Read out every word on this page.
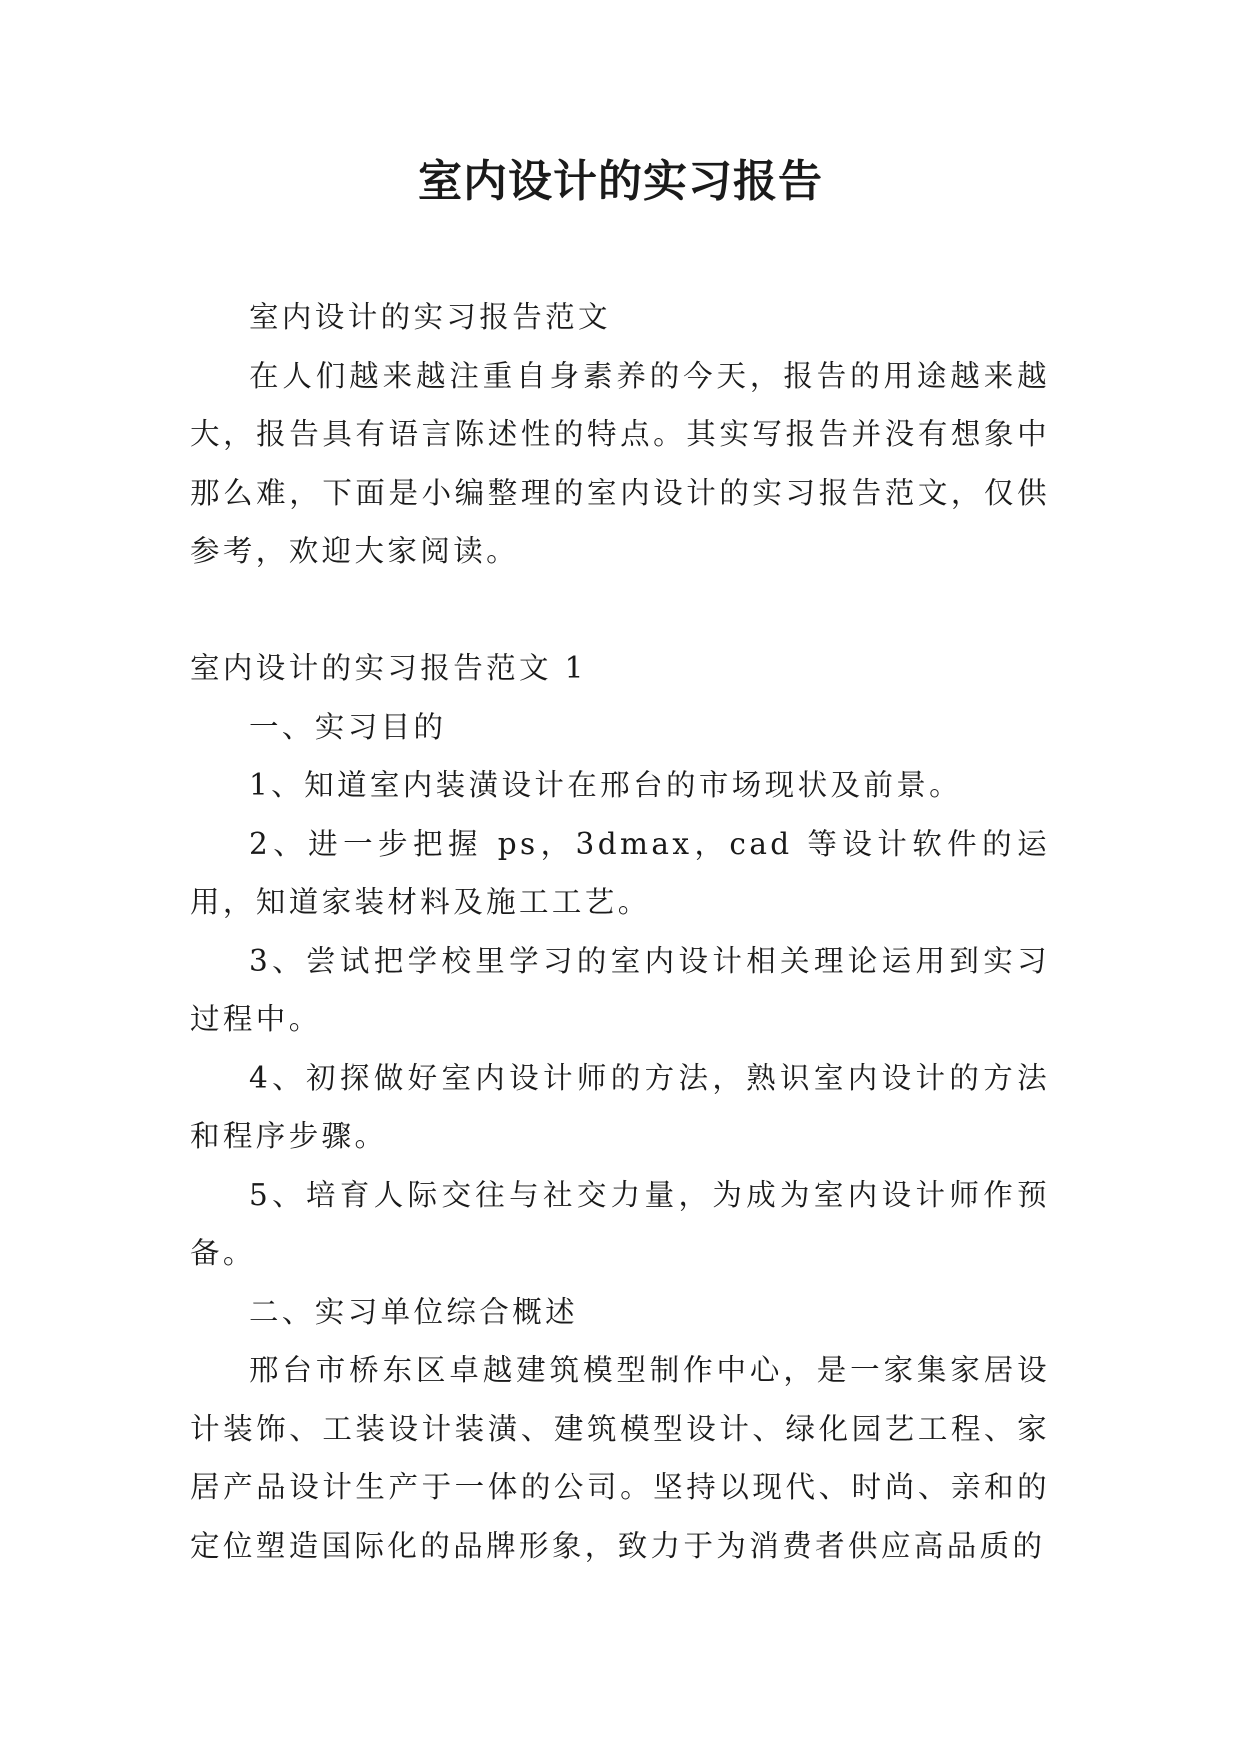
室内设计的实习报告

室内设计的实习报告范文

在人们越来越注重自身素养的今天，报告的用途越来越大，报告具有语言陈述性的特点。其实写报告并没有想象中那么难，下面是小编整理的室内设计的实习报告范文，仅供参考，欢迎大家阅读。

室内设计的实习报告范文 1

一、实习目的

1、知道室内装潢设计在邢台的市场现状及前景。

2、进一步把握 ps，3dmax，cad 等设计软件的运用，知道家装材料及施工工艺。

3、尝试把学校里学习的室内设计相关理论运用到实习过程中。

4、初探做好室内设计师的方法，熟识室内设计的方法和程序步骤。

5、培育人际交往与社交力量，为成为室内设计师作预备。

二、实习单位综合概述

邢台市桥东区卓越建筑模型制作中心，是一家集家居设计装饰、工装设计装潢、建筑模型设计、绿化园艺工程、家居产品设计生产于一体的公司。坚持以现代、时尚、亲和的定位塑造国际化的品牌形象，致力于为消费者供应高品质的
